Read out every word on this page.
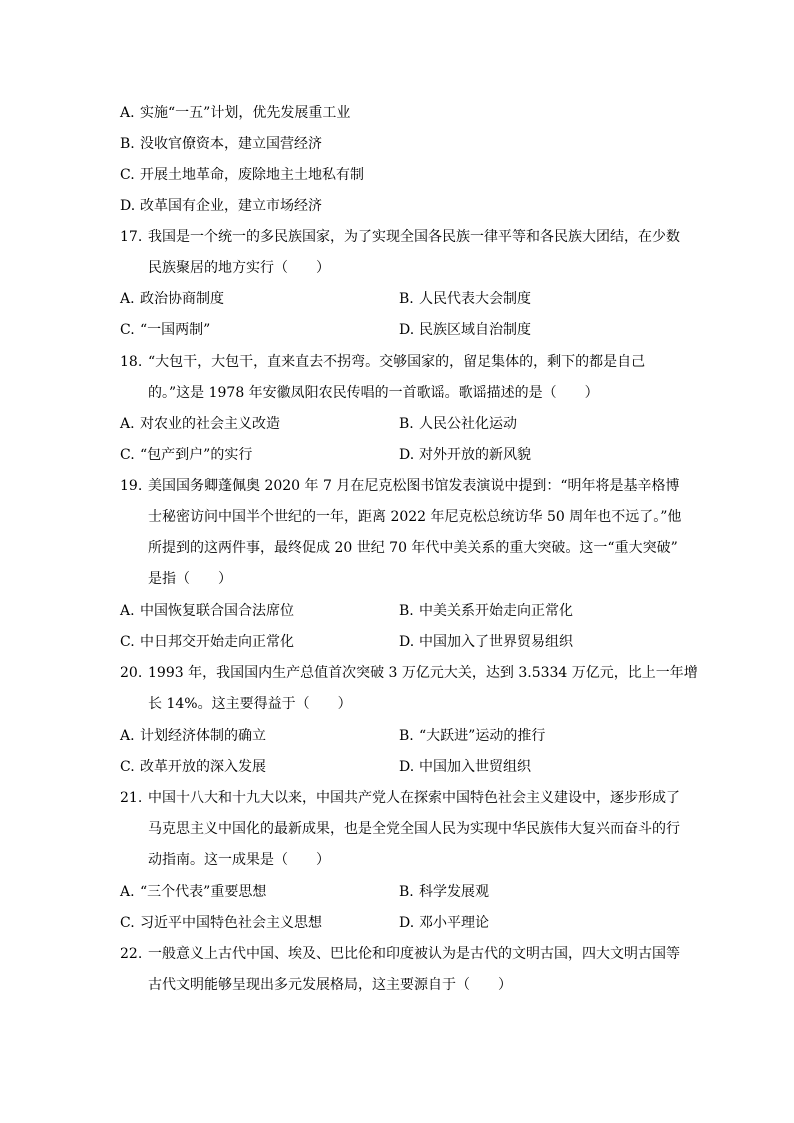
A. 实施“一五”计划，优先发展重工业
B. 没收官僚资本，建立国营经济
C. 开展土地革命，废除地主土地私有制
D. 改革国有企业，建立市场经济
17. 我国是一个统一的多民族国家，为了实现全国各民族一律平等和各民族大团结，在少数
民族聚居的地方实行（　　）
A. 政治协商制度	B. 人民代表大会制度
C. “一国两制”	D. 民族区域自治制度
18. “大包干，大包干，直来直去不拐弯。交够国家的，留足集体的，剩下的都是自己
的。”这是 1978 年安徽凤阳农民传唱的一首歌谣。歌谣描述的是（　　）
A. 对农业的社会主义改造	B. 人民公社化运动
C. “包产到户”的实行	D. 对外开放的新风貌
19. 美国国务卿蓬佩奥 2020 年 7 月在尼克松图书馆发表演说中提到：“明年将是基辛格博
士秘密访问中国半个世纪的一年，距离 2022 年尼克松总统访华 50 周年也不远了。”他
所提到的这两件事，最终促成 20 世纪 70 年代中美关系的重大突破。这一“重大突破”
是指（　　）
A. 中国恢复联合国合法席位	B. 中美关系开始走向正常化
C. 中日邦交开始走向正常化	D. 中国加入了世界贸易组织
20. 1993 年，我国国内生产总值首次突破 3 万亿元大关，达到 3.5334 万亿元，比上一年增
长 14%。这主要得益于（　　）
A. 计划经济体制的确立	B. “大跃进”运动的推行
C. 改革开放的深入发展	D. 中国加入世贸组织
21. 中国十八大和十九大以来，中国共产党人在探索中国特色社会主义建设中，逐步形成了
马克思主义中国化的最新成果，也是全党全国人民为实现中华民族伟大复兴而奋斗的行
动指南。这一成果是（　　）
A. “三个代表”重要思想	B. 科学发展观
C. 习近平中国特色社会主义思想	D. 邓小平理论
22. 一般意义上古代中国、埃及、巴比伦和印度被认为是古代的文明古国，四大文明古国等
古代文明能够呈现出多元发展格局，这主要源自于（　　）
